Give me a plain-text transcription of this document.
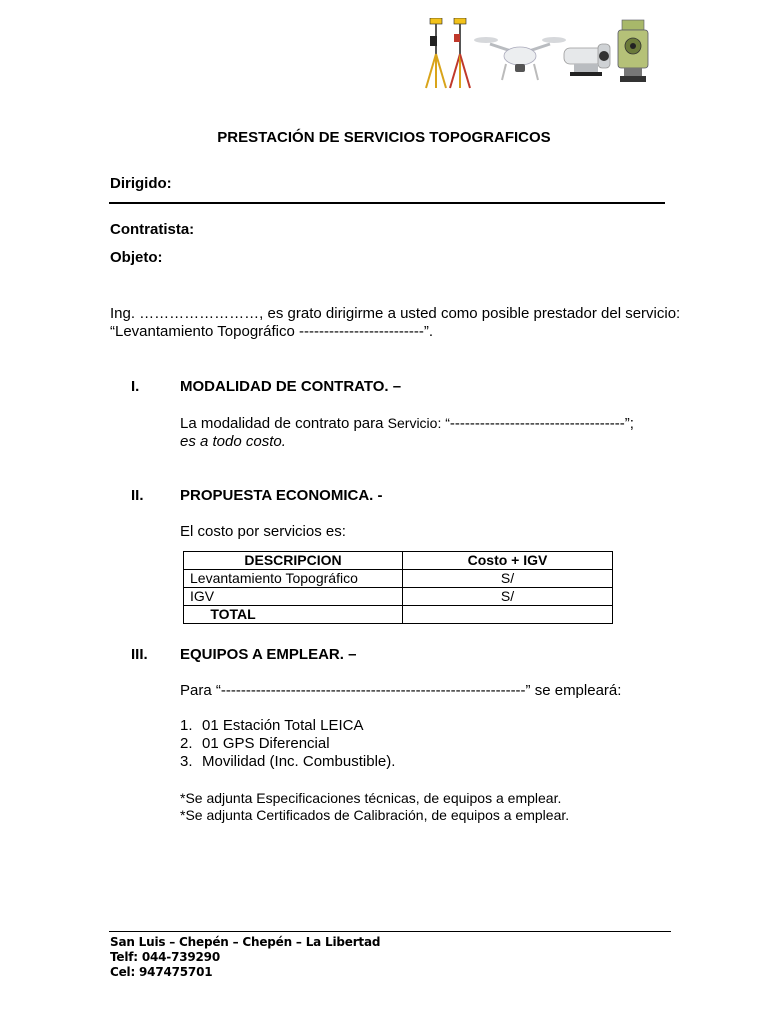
PRESTACIÓN DE SERVICIOS TOPOGRAFICOS
Dirigido:
Contratista:
Objeto:
Ing. ……………………, es grato dirigirme a usted como posible prestador del servicio:
“Levantamiento Topográfico -------------------------”.
I.	MODALIDAD DE CONTRATO. –
La modalidad de contrato para Servicio: “-----------------------------------”;
es a todo costo.
II. PROPUESTA ECONOMICA. -
El costo por servicios es:
DESCRIPCION	Costo + IGV
Levantamiento Topográfico	S/
IGV	S/
TOTAL	
III. EQUIPOS A EMPLEAR. –
Para “-------------------------------------------------------------” se empleará:
1. 01 Estación Total LEICA
2. 01 GPS Diferencial
3. Movilidad (Inc. Combustible).
*Se adjunta Especificaciones técnicas, de equipos a emplear.
*Se adjunta Certificados de Calibración, de equipos a emplear.
San Luis – Chepén – Chepén – La Libertad
Telf: 044-739290
Cel: 947475701
